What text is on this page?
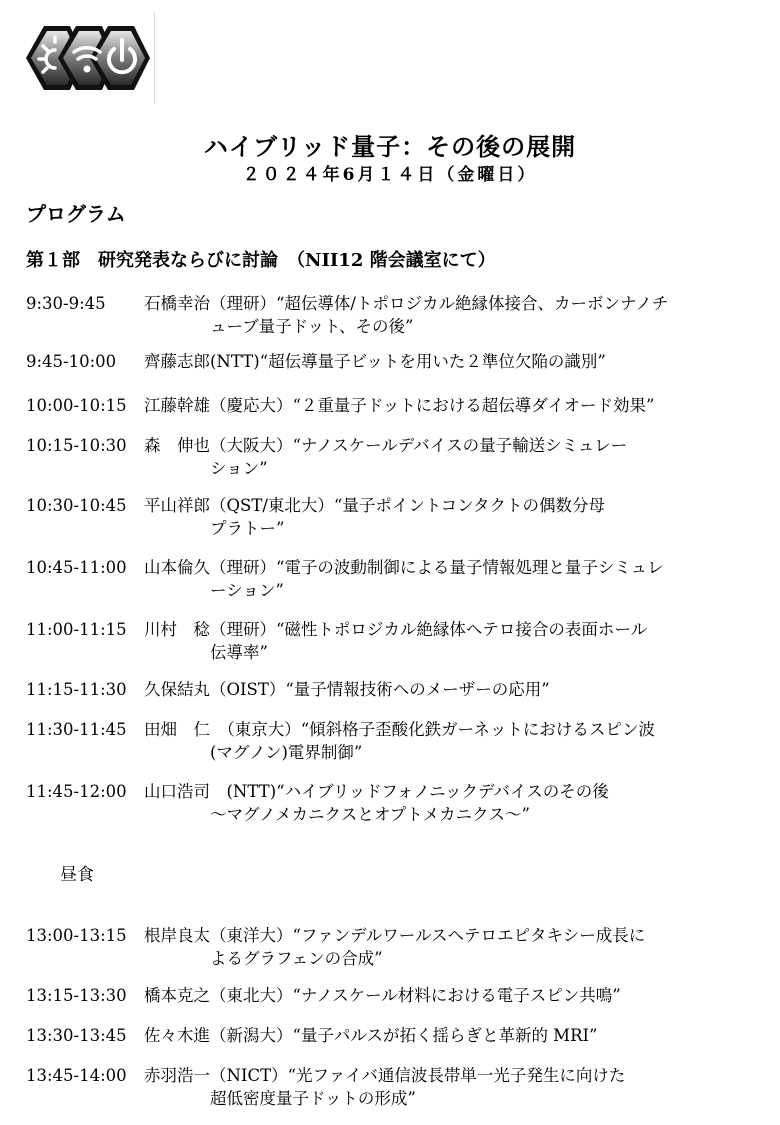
ハイブリッド量子：その後の展開
２０２４年6月１４日（金曜日）
プログラム
第１部　研究発表ならびに討論　（NII12 階会議室にて）
9:30-9:45 石橋幸治（理研）“超伝導体/トポロジカル絶縁体接合、カーボンナノチ
ューブ量子ドット、その後”
9:45-10:00 齊藤志郎(NTT)“超伝導量子ビットを用いた２準位欠陥の識別”
10:00-10:15 江藤幹雄（慶応大）“２重量子ドットにおける超伝導ダイオード効果”
10:15-10:30 森　伸也（大阪大）“ナノスケールデバイスの量子輸送シミュレー
ション”
10:30-10:45 平山祥郎（QST/東北大）“量子ポイントコンタクトの偶数分母
プラトー”
10:45-11:00 山本倫久（理研）“電子の波動制御による量子情報処理と量子シミュレ
ーション”
11:00-11:15 川村　稔（理研）“磁性トポロジカル絶縁体ヘテロ接合の表面ホール
伝導率”
11:15-11:30 久保結丸（OIST）“量子情報技術へのメーザーの応用”
11:30-11:45 田畑　仁　（東京大）“傾斜格子歪酸化鉄ガーネットにおけるスピン波
(マグノン)電界制御”
11:45-12:00 山口浩司　(NTT)“ハイブリッドフォノニックデバイスのその後
〜マグノメカニクスとオプトメカニクス〜”
昼食
13:00-13:15 根岸良太（東洋大）“ファンデルワールスヘテロエピタキシー成長に
よるグラフェンの合成”
13:15-13:30 橋本克之（東北大）“ナノスケール材料における電子スピン共鳴”
13:30-13:45 佐々木進（新潟大）“量子パルスが拓く揺らぎと革新的 MRI”
13:45-14:00 赤羽浩一（NICT）“光ファイバ通信波長帯単一光子発生に向けた
超低密度量子ドットの形成”
